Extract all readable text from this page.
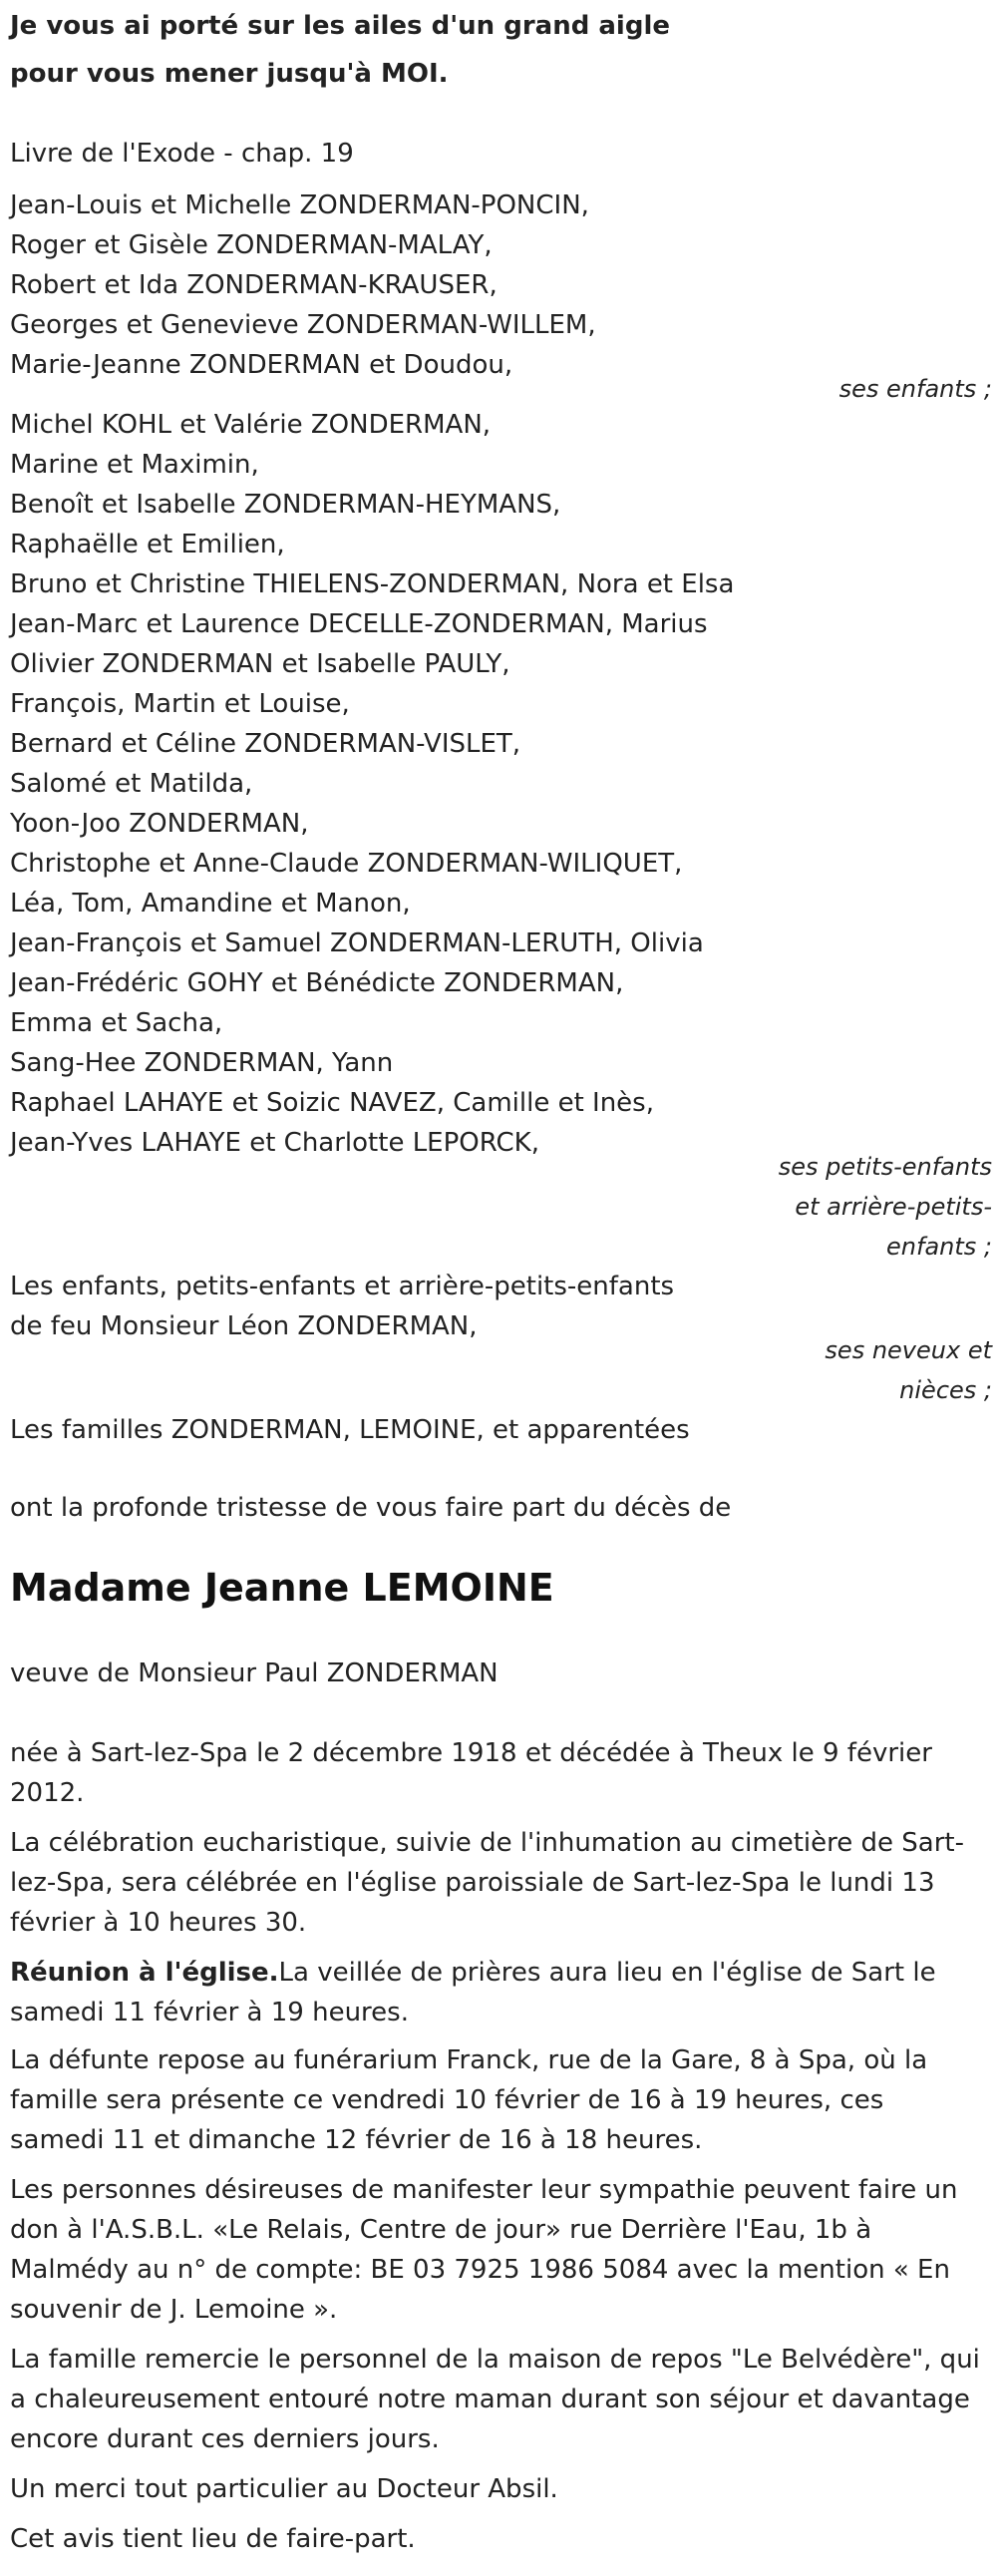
Je vous ai porté sur les ailes d'un grand aigle

pour vous mener jusqu'à MOI.

Livre de l'Exode - chap. 19

Jean-Louis et Michelle ZONDERMAN-PONCIN,

Roger et Gisèle ZONDERMAN-MALAY,

Robert et Ida ZONDERMAN-KRAUSER,

Georges et Genevieve ZONDERMAN-WILLEM,

Marie-Jeanne ZONDERMAN et Doudou,

ses enfants ;

Michel KOHL et Valérie ZONDERMAN,

Marine et Maximin,

Benoît et Isabelle ZONDERMAN-HEYMANS,

Raphaëlle et Emilien,

Bruno et Christine THIELENS-ZONDERMAN, Nora et Elsa

Jean-Marc et Laurence DECELLE-ZONDERMAN, Marius

Olivier ZONDERMAN et Isabelle PAULY,

François, Martin et Louise,

Bernard et Céline ZONDERMAN-VISLET,

Salomé et Matilda,

Yoon-Joo ZONDERMAN,

Christophe et Anne-Claude ZONDERMAN-WILIQUET,

Léa, Tom, Amandine et Manon,

Jean-François et Samuel ZONDERMAN-LERUTH, Olivia

Jean-Frédéric GOHY et Bénédicte ZONDERMAN,

Emma et Sacha,

Sang-Hee ZONDERMAN, Yann

Raphael LAHAYE et Soizic NAVEZ, Camille et Inès,

Jean-Yves LAHAYE et Charlotte LEPORCK,

ses petits-enfants

et arrière-petits-

enfants ;

Les enfants, petits-enfants et arrière-petits-enfants

de feu Monsieur Léon ZONDERMAN,

ses neveux et

nièces ;

Les familles ZONDERMAN, LEMOINE, et apparentées

ont la profonde tristesse de vous faire part du décès de

Madame Jeanne LEMOINE

veuve de Monsieur Paul ZONDERMAN

née à Sart-lez-Spa le 2 décembre 1918 et décédée à Theux le 9 février 2012.

La célébration eucharistique, suivie de l'inhumation au cimetière de Sart-lez-Spa, sera célébrée en l'église paroissiale de Sart-lez-Spa le lundi 13 février à 10 heures 30.

Réunion à l'église.La veillée de prières aura lieu en l'église de Sart le samedi 11 février à 19 heures.

La défunte repose au funérarium Franck, rue de la Gare, 8 à Spa, où la famille sera présente ce vendredi 10 février de 16 à 19 heures, ces samedi 11 et dimanche 12 février de 16 à 18 heures.

Les personnes désireuses de manifester leur sympathie peuvent faire un don à l'A.S.B.L. «Le Relais, Centre de jour» rue Derrière l'Eau, 1b à Malmédy au n° de compte: BE 03 7925 1986 5084 avec la mention « En souvenir de J. Lemoine ».

La famille remercie le personnel de la maison de repos "Le Belvédère", qui a chaleureusement entouré notre maman durant son séjour et davantage encore durant ces derniers jours.

Un merci tout particulier au Docteur Absil.

Cet avis tient lieu de faire-part.
